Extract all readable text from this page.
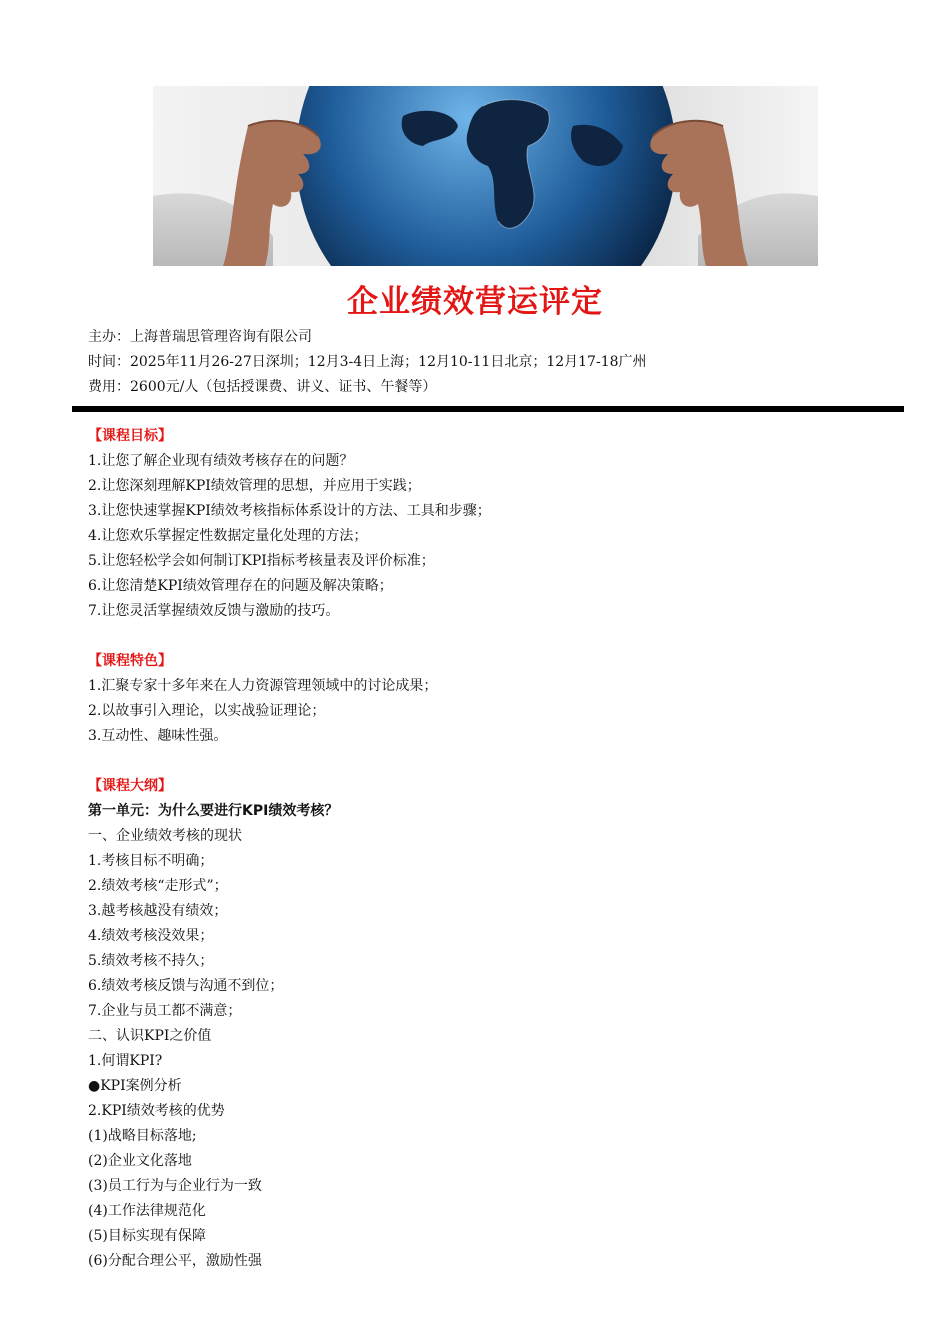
企业绩效营运评定
主办：上海普瑞思管理咨询有限公司
时间：2025年11月26-27日深圳；12月3-4日上海；12月10-11日北京；12月17-18广州
费用：2600元/人（包括授课费、讲义、证书、午餐等）
【课程目标】
1.让您了解企业现有绩效考核存在的问题？
2.让您深刻理解KPI绩效管理的思想，并应用于实践；
3.让您快速掌握KPI绩效考核指标体系设计的方法、工具和步骤；
4.让您欢乐掌握定性数据定量化处理的方法；
5.让您轻松学会如何制订KPI指标考核量表及评价标准；
6.让您清楚KPI绩效管理存在的问题及解决策略；
7.让您灵活掌握绩效反馈与激励的技巧。
【课程特色】
1.汇聚专家十多年来在人力资源管理领域中的讨论成果；
2.以故事引入理论，以实战验证理论；
3.互动性、趣味性强。
【课程大纲】
第一单元：为什么要进行KPI绩效考核？
一、企业绩效考核的现状
1.考核目标不明确；
2.绩效考核“走形式”；
3.越考核越没有绩效；
4.绩效考核没效果；
5.绩效考核不持久；
6.绩效考核反馈与沟通不到位；
7.企业与员工都不满意；
二、认识KPI之价值
1.何谓KPI?
●KPI案例分析
2.KPI绩效考核的优势
(1)战略目标落地;
(2)企业文化落地
(3)员工行为与企业行为一致
(4)工作法律规范化
(5)目标实现有保障
(6)分配合理公平，激励性强
